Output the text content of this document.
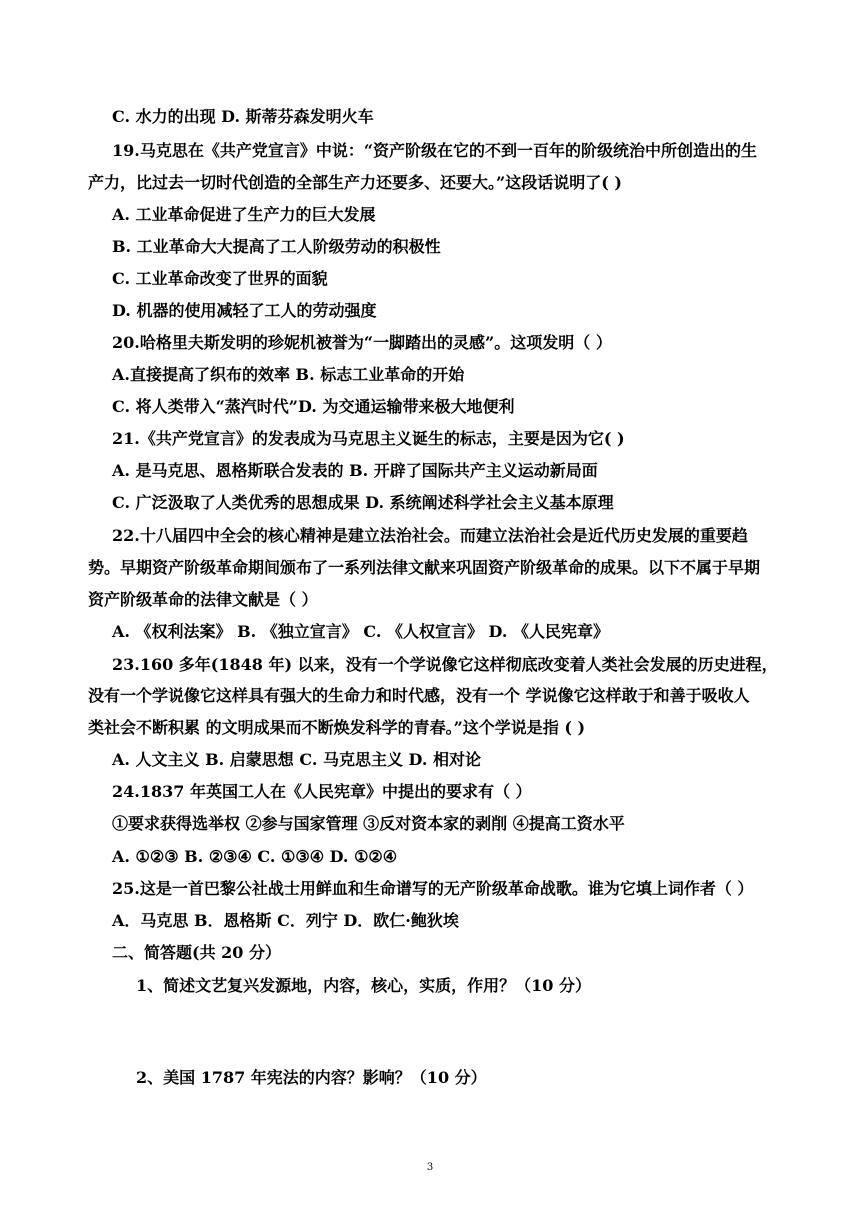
C. 水力的出现 D. 斯蒂芬森发明火车
19.马克思在《共产党宣言》中说：“资产阶级在它的不到一百年的阶级统治中所创造出的生
产力，比过去一切时代创造的全部生产力还要多、还要大。”这段话说明了( )
A. 工业革命促进了生产力的巨大发展
B. 工业革命大大提高了工人阶级劳动的积极性
C. 工业革命改变了世界的面貌
D. 机器的使用减轻了工人的劳动强度
20.哈格里夫斯发明的珍妮机被誉为“一脚踏出的灵感”。这项发明（ ）
A.直接提高了织布的效率 B. 标志工业革命的开始
C. 将人类带入“蒸汽时代”D. 为交通运输带来极大地便利
21.《共产党宣言》的发表成为马克思主义诞生的标志，主要是因为它( )
A. 是马克思、恩格斯联合发表的 B. 开辟了国际共产主义运动新局面
C. 广泛汲取了人类优秀的思想成果 D. 系统阐述科学社会主义基本原理
22.十八届四中全会的核心精神是建立法治社会。而建立法治社会是近代历史发展的重要趋
势。早期资产阶级革命期间颁布了一系列法律文献来巩固资产阶级革命的成果。以下不属于早期
资产阶级革命的法律文献是（ ）
A. 《权利法案》 B. 《独立宣言》 C. 《人权宣言》 D. 《人民宪章》
23.160 多年(1848 年) 以来，没有一个学说像它这样彻底改变着人类社会发展的历史进程，
没有一个学说像它这样具有强大的生命力和时代感，没有一个 学说像它这样敢于和善于吸收人
类社会不断积累 的文明成果而不断焕发科学的青春。”这个学说是指 ( )
A. 人文主义 B. 启蒙思想 C. 马克思主义 D. 相对论
24.1837 年英国工人在《人民宪章》中提出的要求有（ ）
①要求获得选举权 ②参与国家管理 ③反对资本家的剥削 ④提高工资水平
A. ①②③ B. ②③④ C. ①③④ D. ①②④
25.这是一首巴黎公社战士用鲜血和生命谱写的无产阶级革命战歌。谁为它填上词作者（ ）
A．马克思 B．恩格斯 C．列宁 D．欧仁·鲍狄埃
二、简答题(共 20 分）
1、简述文艺复兴发源地，内容，核心，实质，作用？（10 分）
2、美国 1787 年宪法的内容？影响？（10 分）
3
